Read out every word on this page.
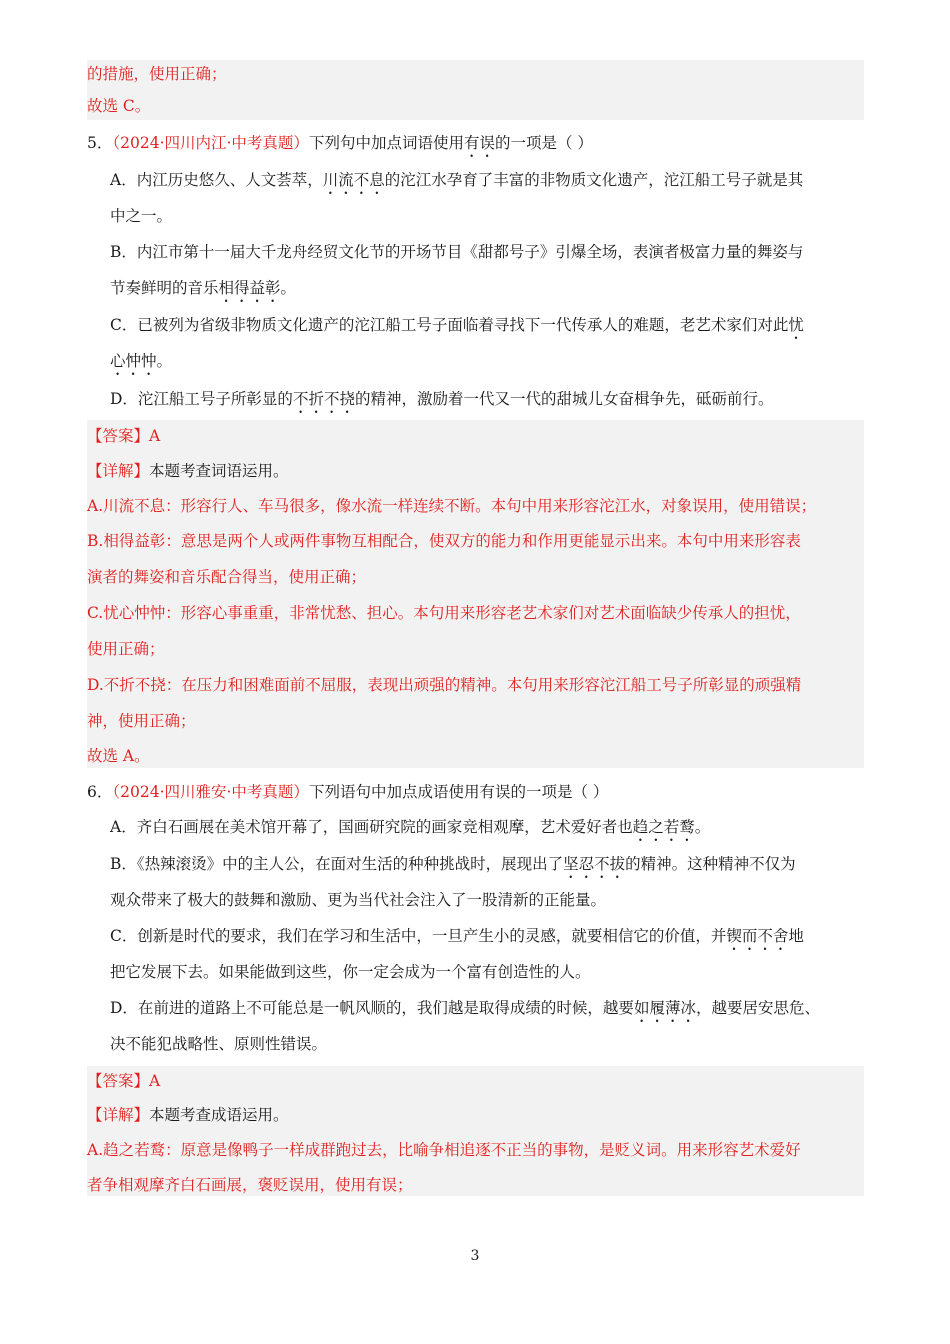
的措施，使用正确；
故选 C。
5．（2024·四川内江·中考真题）下列句中加点词语使用有误的一项是（ ）
A．内江历史悠久、人文荟萃，川流不息的沱江水孕育了丰富的非物质文化遗产，沱江船工号子就是其
中之一。
B．内江市第十一届大千龙舟经贸文化节的开场节目《甜都号子》引爆全场，表演者极富力量的舞姿与
节奏鲜明的音乐相得益彰。
C．已被列为省级非物质文化遗产的沱江船工号子面临着寻找下一代传承人的难题，老艺术家们对此忧
心忡忡。
D．沱江船工号子所彰显的不折不挠的精神，激励着一代又一代的甜城儿女奋楫争先，砥砺前行。
【答案】A
【详解】本题考查词语运用。
A.川流不息：形容行人、车马很多，像水流一样连续不断。本句中用来形容沱江水，对象误用，使用错误；
B.相得益彰：意思是两个人或两件事物互相配合，使双方的能力和作用更能显示出来。本句中用来形容表
演者的舞姿和音乐配合得当，使用正确；
C.忧心忡忡：形容心事重重，非常忧愁、担心。本句用来形容老艺术家们对艺术面临缺少传承人的担忧，
使用正确；
D.不折不挠：在压力和困难面前不屈服，表现出顽强的精神。本句用来形容沱江船工号子所彰显的顽强精
神，使用正确；
故选 A。
6．（2024·四川雅安·中考真题）下列语句中加点成语使用有误的一项是（ ）
A．齐白石画展在美术馆开幕了，国画研究院的画家竞相观摩，艺术爱好者也趋之若鹜。
B．《热辣滚烫》中的主人公，在面对生活的种种挑战时，展现出了坚忍不拔的精神。这种精神不仅为
观众带来了极大的鼓舞和激励、更为当代社会注入了一股清新的正能量。
C．创新是时代的要求，我们在学习和生活中，一旦产生小的灵感，就要相信它的价值，并锲而不舍地
把它发展下去。如果能做到这些，你一定会成为一个富有创造性的人。
D．在前进的道路上不可能总是一帆风顺的，我们越是取得成绩的时候，越要如履薄冰，越要居安思危、
决不能犯战略性、原则性错误。
【答案】A
【详解】本题考查成语运用。
A.趋之若鹜：原意是像鸭子一样成群跑过去，比喻争相追逐不正当的事物，是贬义词。用来形容艺术爱好
者争相观摩齐白石画展，褒贬误用，使用有误；
3
